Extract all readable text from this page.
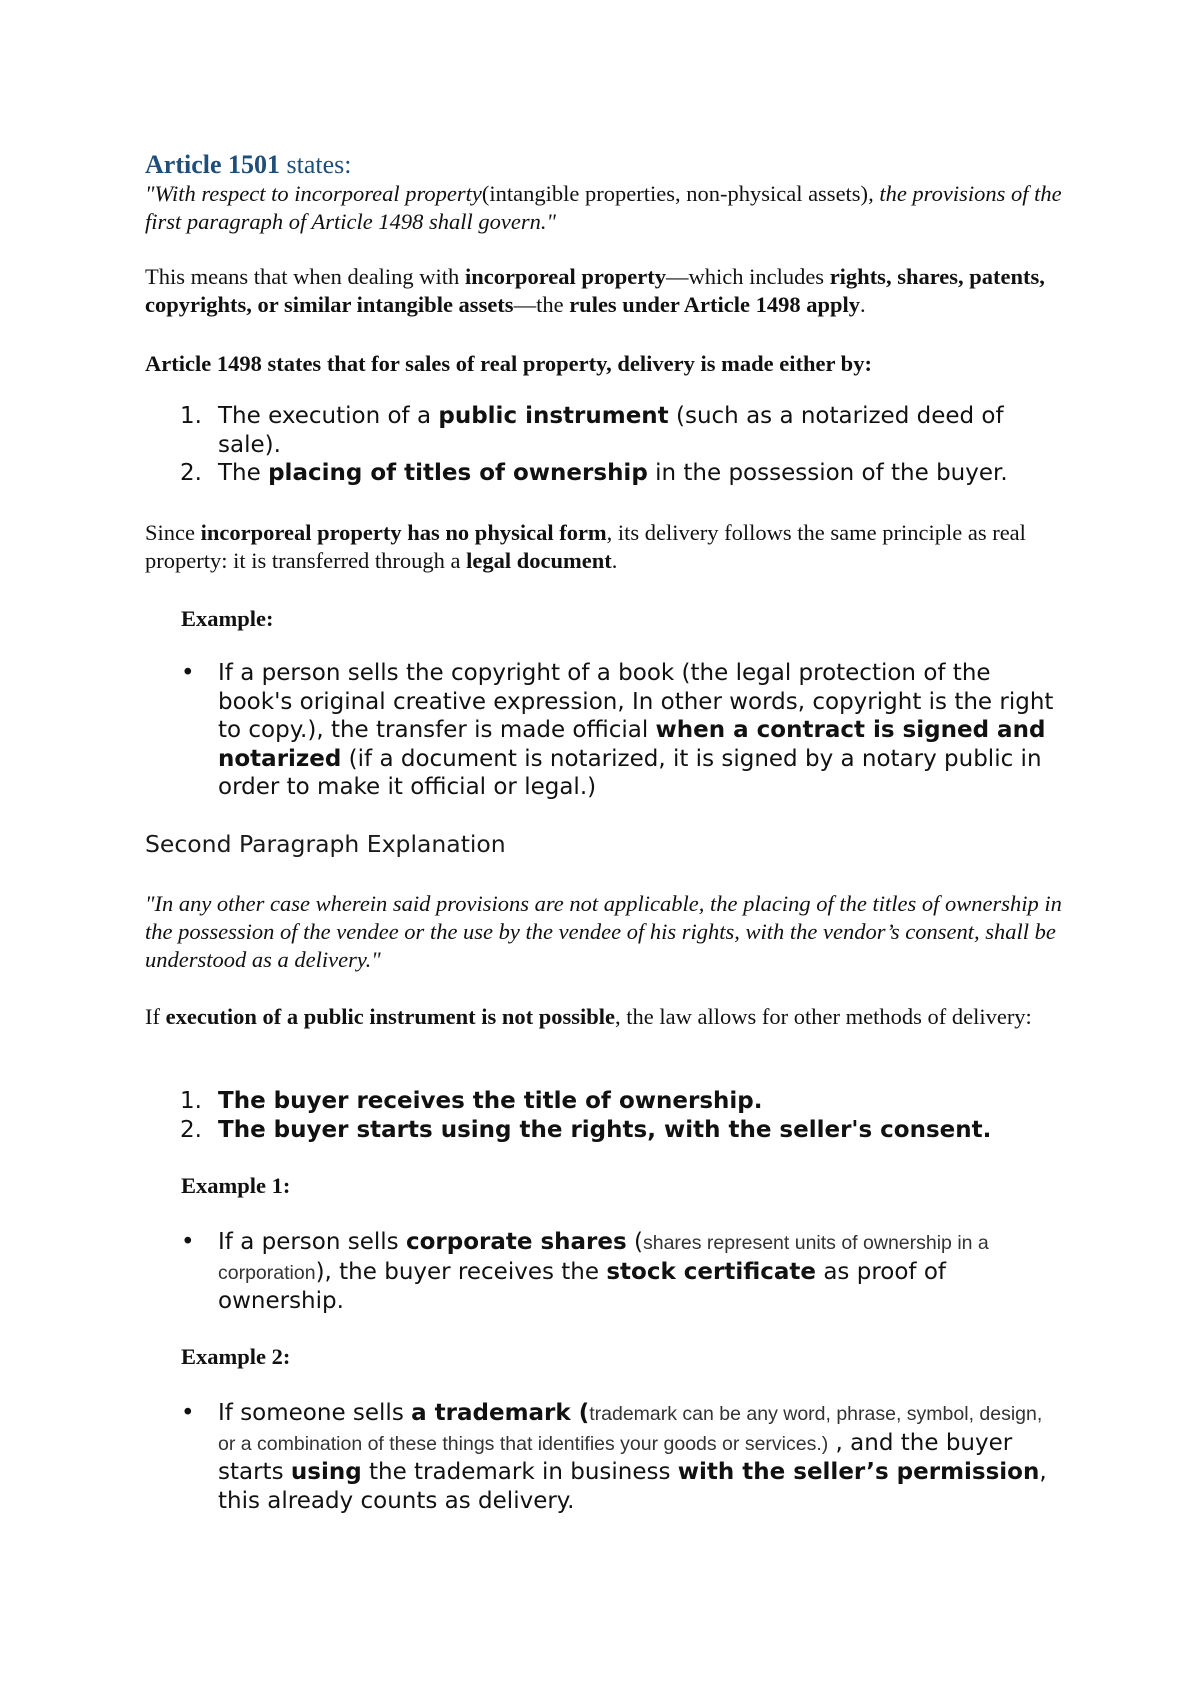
Article 1501 states:

"With respect to incorporeal property(intangible properties, non-physical assets), the provisions of the first paragraph of Article 1498 shall govern."

This means that when dealing with incorporeal property—which includes rights, shares, patents, copyrights, or similar intangible assets—the rules under Article 1498 apply.

Article 1498 states that for sales of real property, delivery is made either by:

1. The execution of a public instrument (such as a notarized deed of sale).
2. The placing of titles of ownership in the possession of the buyer.

Since incorporeal property has no physical form, its delivery follows the same principle as real property: it is transferred through a legal document.

Example:

• If a person sells the copyright of a book (the legal protection of the book's original creative expression, In other words, copyright is the right to copy.), the transfer is made official when a contract is signed and notarized (if a document is notarized, it is signed by a notary public in order to make it official or legal.)

Second Paragraph Explanation

"In any other case wherein said provisions are not applicable, the placing of the titles of ownership in the possession of the vendee or the use by the vendee of his rights, with the vendor’s consent, shall be understood as a delivery."

If execution of a public instrument is not possible, the law allows for other methods of delivery:

1. The buyer receives the title of ownership.
2. The buyer starts using the rights, with the seller's consent.

Example 1:

• If a person sells corporate shares (shares represent units of ownership in a corporation), the buyer receives the stock certificate as proof of ownership.

Example 2:

• If someone sells a trademark (trademark can be any word, phrase, symbol, design, or a combination of these things that identifies your goods or services.) , and the buyer starts using the trademark in business with the seller’s permission, this already counts as delivery.
